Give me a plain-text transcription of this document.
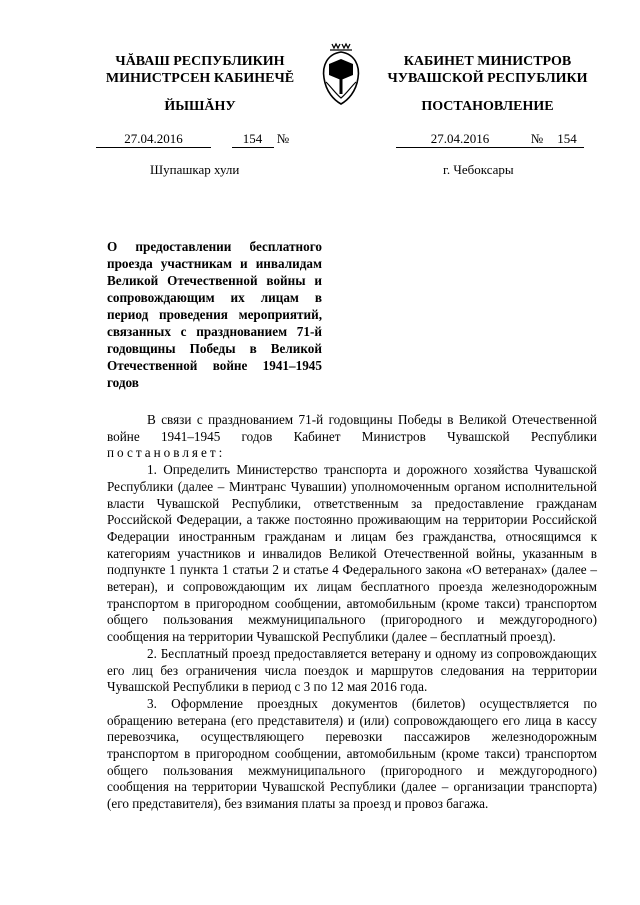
ЧĂВАШ РЕСПУБЛИКИН
МИНИСТРСЕН КАБИНЕЧĔ
ЙЫШĂНУ
КАБИНЕТ МИНИСТРОВ
ЧУВАШСКОЙ РЕСПУБЛИКИ
ПОСТАНОВЛЕНИЕ
27.04.2016	154 №	27.04.2016	№ 154
Шупашкар хули	г. Чебоксары
О предоставлении бесплатного проезда участникам и инвалидам Великой Отечественной войны и сопровождающим их лицам в период проведения мероприятий, связанных с празднованием 71-й годовщины Победы в Великой Отечественной войне 1941–1945 годов

В связи с празднованием 71-й годовщины Победы в Великой Отечественной войне 1941–1945 годов Кабинет Министров Чувашской Республики постановляет:

1. Определить Министерство транспорта и дорожного хозяйства Чувашской Республики (далее – Минтранс Чувашии) уполномоченным органом исполнительной власти Чувашской Республики, ответственным за предоставление гражданам Российской Федерации, а также постоянно проживающим на территории Российской Федерации иностранным гражданам и лицам без гражданства, относящимся к категориям участников и инвалидов Великой Отечественной войны, указанным в подпункте 1 пункта 1 статьи 2 и статье 4 Федерального закона «О ветеранах» (далее – ветеран), и сопровождающим их лицам бесплатного проезда железнодорожным транспортом в пригородном сообщении, автомобильным (кроме такси) транспортом общего пользования межмуниципального (пригородного и междугородного) сообщения на территории Чувашской Республики (далее – бесплатный проезд).

2. Бесплатный проезд предоставляется ветерану и одному из сопровождающих его лиц без ограничения числа поездок и маршрутов следования на территории Чувашской Республики в период с 3 по 12 мая 2016 года.

3. Оформление проездных документов (билетов) осуществляется по обращению ветерана (его представителя) и (или) сопровождающего его лица в кассу перевозчика, осуществляющего перевозки пассажиров железнодорожным транспортом в пригородном сообщении, автомобильным (кроме такси) транспортом общего пользования межмуниципального (пригородного и междугородного) сообщения на территории Чувашской Республики (далее – организации транспорта) (его представителя), без взимания платы за проезд и провоз багажа.
